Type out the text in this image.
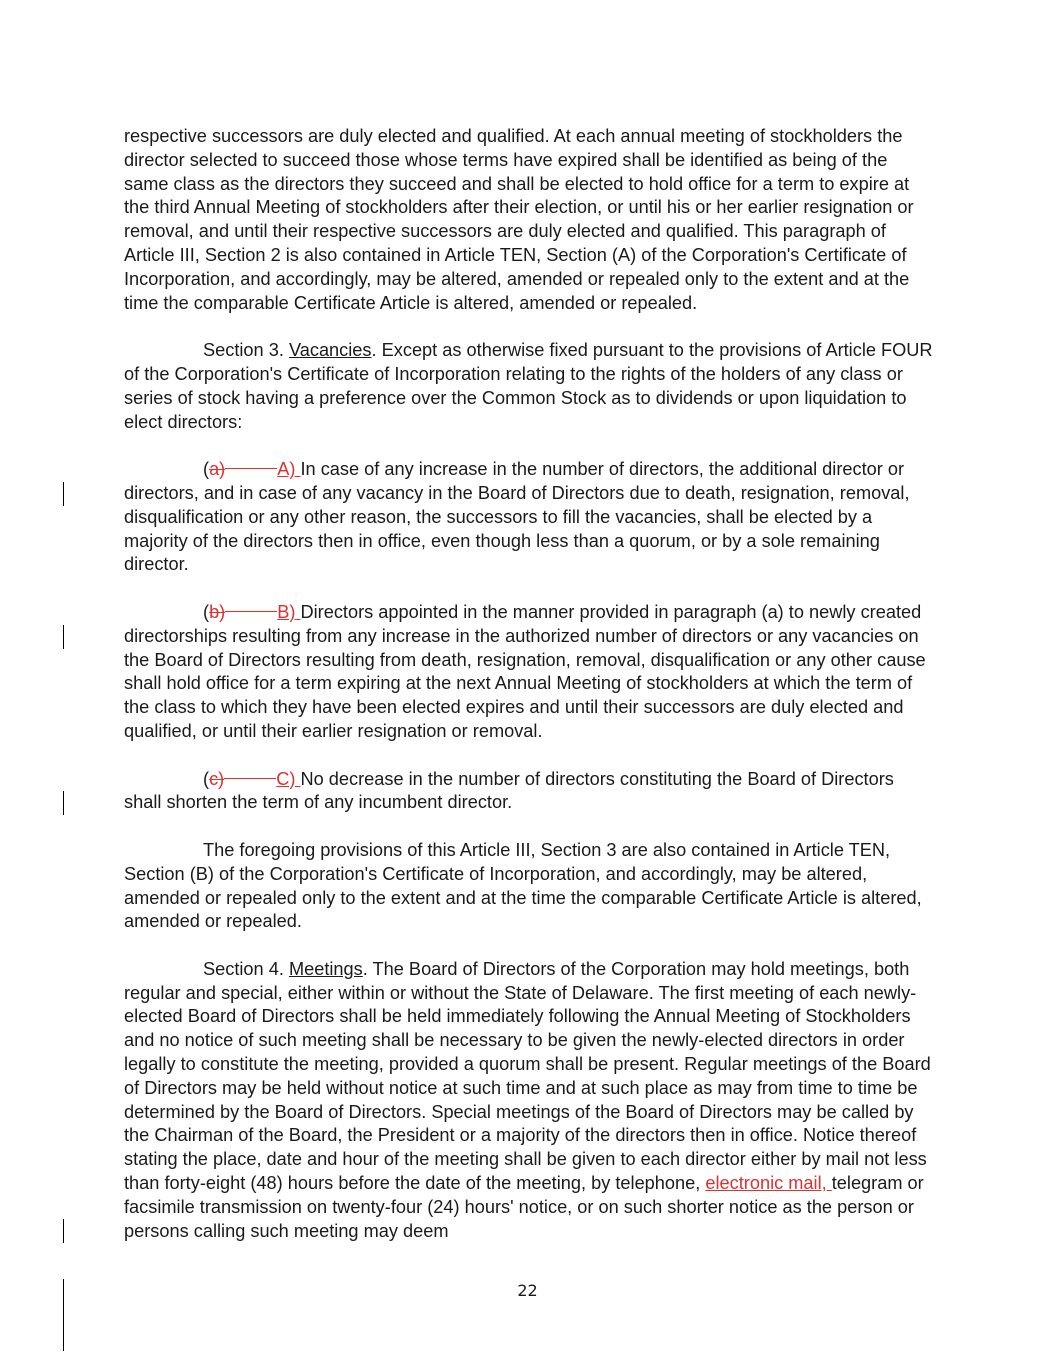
respective successors are duly elected and qualified. At each annual meeting of stockholders the director selected to succeed those whose terms have expired shall be identified as being of the same class as the directors they succeed and shall be elected to hold office for a term to expire at the third Annual Meeting of stockholders after their election, or until his or her earlier resignation or removal, and until their respective successors are duly elected and qualified. This paragraph of Article III, Section 2 is also contained in Article TEN, Section (A) of the Corporation's Certificate of Incorporation, and accordingly, may be altered, amended or repealed only to the extent and at the time the comparable Certificate Article is altered, amended or repealed.

Section 3. Vacancies. Except as otherwise fixed pursuant to the provisions of Article FOUR of the Corporation's Certificate of Incorporation relating to the rights of the holders of any class or series of stock having a preference over the Common Stock as to dividends or upon liquidation to elect directors:

(a)	A) In case of any increase in the number of directors, the additional director or directors, and in case of any vacancy in the Board of Directors due to death, resignation, removal, disqualification or any other reason, the successors to fill the vacancies, shall be elected by a majority of the directors then in office, even though less than a quorum, or by a sole remaining director.

(b)	B) Directors appointed in the manner provided in paragraph (a) to newly created directorships resulting from any increase in the authorized number of directors or any vacancies on the Board of Directors resulting from death, resignation, removal, disqualification or any other cause shall hold office for a term expiring at the next Annual Meeting of stockholders at which the term of the class to which they have been elected expires and until their successors are duly elected and qualified, or until their earlier resignation or removal.

(c)	C) No decrease in the number of directors constituting the Board of Directors shall shorten the term of any incumbent director.

The foregoing provisions of this Article III, Section 3 are also contained in Article TEN, Section (B) of the Corporation's Certificate of Incorporation, and accordingly, may be altered, amended or repealed only to the extent and at the time the comparable Certificate Article is altered, amended or repealed.

Section 4. Meetings. The Board of Directors of the Corporation may hold meetings, both regular and special, either within or without the State of Delaware. The first meeting of each newly-elected Board of Directors shall be held immediately following the Annual Meeting of Stockholders and no notice of such meeting shall be necessary to be given the newly-elected directors in order legally to constitute the meeting, provided a quorum shall be present. Regular meetings of the Board of Directors may be held without notice at such time and at such place as may from time to time be determined by the Board of Directors. Special meetings of the Board of Directors may be called by the Chairman of the Board, the President or a majority of the directors then in office. Notice thereof stating the place, date and hour of the meeting shall be given to each director either by mail not less than forty-eight (48) hours before the date of the meeting, by telephone, electronic mail, telegram or facsimile transmission on twenty-four (24) hours' notice, or on such shorter notice as the person or persons calling such meeting may deem

22
